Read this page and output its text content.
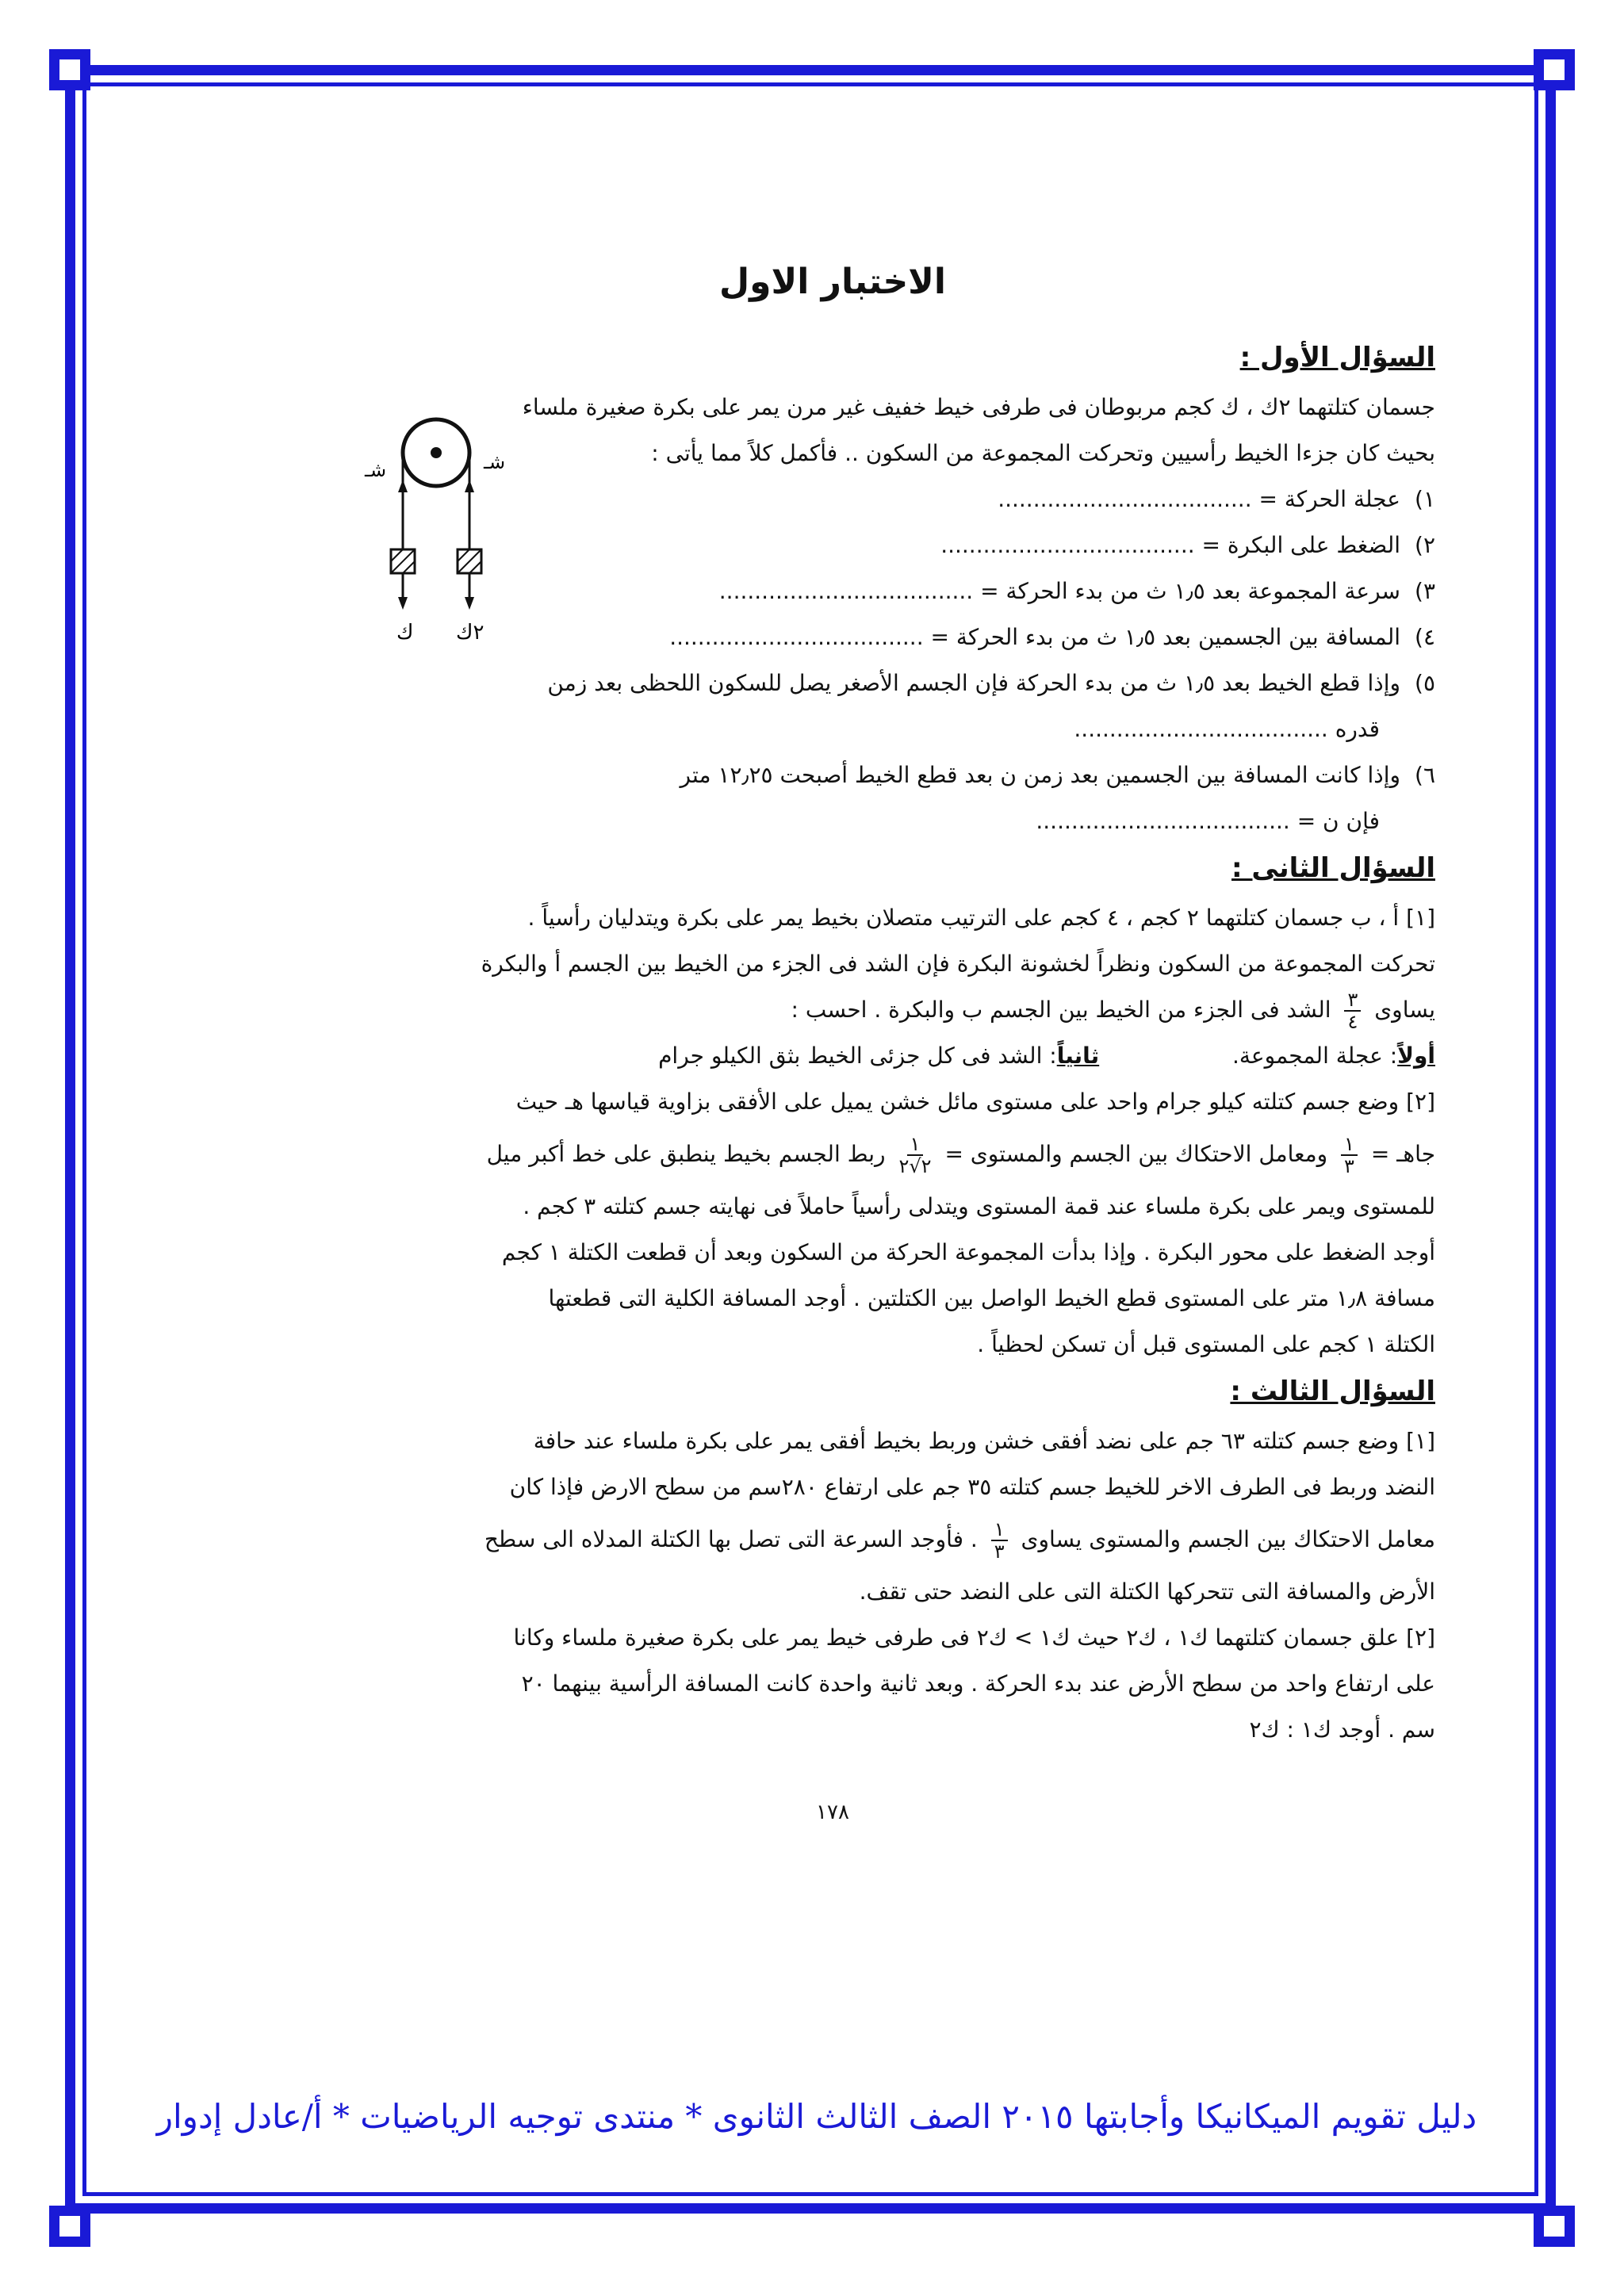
الاختبار الاول
السؤال الأول :

جسمان كتلتهما ٢ك ، ك كجم مربوطان فى طرفى خيط خفيف غير مرن يمر على بكرة صغيرة ملساء

بحيث كان جزءا الخيط رأسيين وتحركت المجموعة من السكون .. فأكمل كلاً مما يأتى :

١)عجلة الحركة = ....................................

٢)الضغط على البكرة = ....................................

٣)سرعة المجموعة بعد ١٫٥ ث من بدء الحركة = ....................................

٤)المسافة بين الجسمين بعد ١٫٥ ث من بدء الحركة = ....................................

٥)وإذا قطع الخيط بعد ١٫٥ ث من بدء الحركة فإن الجسم الأصغر يصل للسكون اللحظى بعد زمن

قدره ....................................

٦)وإذا كانت المسافة بين الجسمين بعد زمن ن بعد قطع الخيط أصبحت ١٢٫٢٥ متر

فإن ن = ....................................

شـ	شـ
ك ٢ك
السؤال الثانى :

[١] أ ، ب جسمان كتلتهما ٢ كجم ، ٤ كجم على الترتيب متصلان بخيط يمر على بكرة ويتدليان رأسياً .

تحركت المجموعة من السكون ونظراً لخشونة البكرة فإن الشد فى الجزء من الخيط بين الجسم أ والبكرة

يساوى
$\frac{٣}{٤}$
الشد فى الجزء من الخيط بين الجسم ب والبكرة . احسب :

أولاً: عجلة المجموعة.  ثانياً: الشد فى كل جزئى الخيط بثق الكيلو جرام

[٢] وضع جسم كتلته كيلو جرام واحد على مستوى مائل خشن يميل على الأفقى بزاوية قياسها هـ حيث

جاهـ =
$\frac{١}{٣}$
ومعامل الاحتكاك بين الجسم والمستوى =
$\frac{١}{٢√٢}$
ربط الجسم بخيط ينطبق على خط أكبر ميل

للمستوى ويمر على بكرة ملساء عند قمة المستوى ويتدلى رأسياً حاملاً فى نهايته جسم كتلته ٣ كجم .

أوجد الضغط على محور البكرة . وإذا بدأت المجموعة الحركة من السكون وبعد أن قطعت الكتلة ١ كجم

مسافة ١٫٨ متر على المستوى قطع الخيط الواصل بين الكتلتين . أوجد المسافة الكلية التى قطعتها

الكتلة ١ كجم على المستوى قبل أن تسكن لحظياً .

السؤال الثالث :

[١] وضع جسم كتلته ٦٣ جم على نضد أفقى خشن وربط بخيط أفقى يمر على بكرة ملساء عند حافة

النضد وربط فى الطرف الاخر للخيط جسم كتلته ٣٥ جم على ارتفاع ٢٨٠سم من سطح الارض فإذا كان

معامل الاحتكاك بين الجسم والمستوى يساوى
$\frac{١}{٣}$
. فأوجد السرعة التى تصل بها الكتلة المدلاه الى سطح

الأرض والمسافة التى تتحركها الكتلة التى على النضد حتى تقف.

[٢] علق جسمان كتلتهما ك١ ، ك٢ حيث ك١ > ك٢ فى طرفى خيط يمر على بكرة صغيرة ملساء وكانا

على ارتفاع واحد من سطح الأرض عند بدء الحركة . وبعد ثانية واحدة كانت المسافة الرأسية بينهما ٢٠

سم . أوجد ك١ : ك٢

١٧٨
دليل تقويم الميكانيكا وأجابتها ٢٠١٥ الصف الثالث الثانوى * منتدى توجيه الرياضيات * أ/عادل إدوار
